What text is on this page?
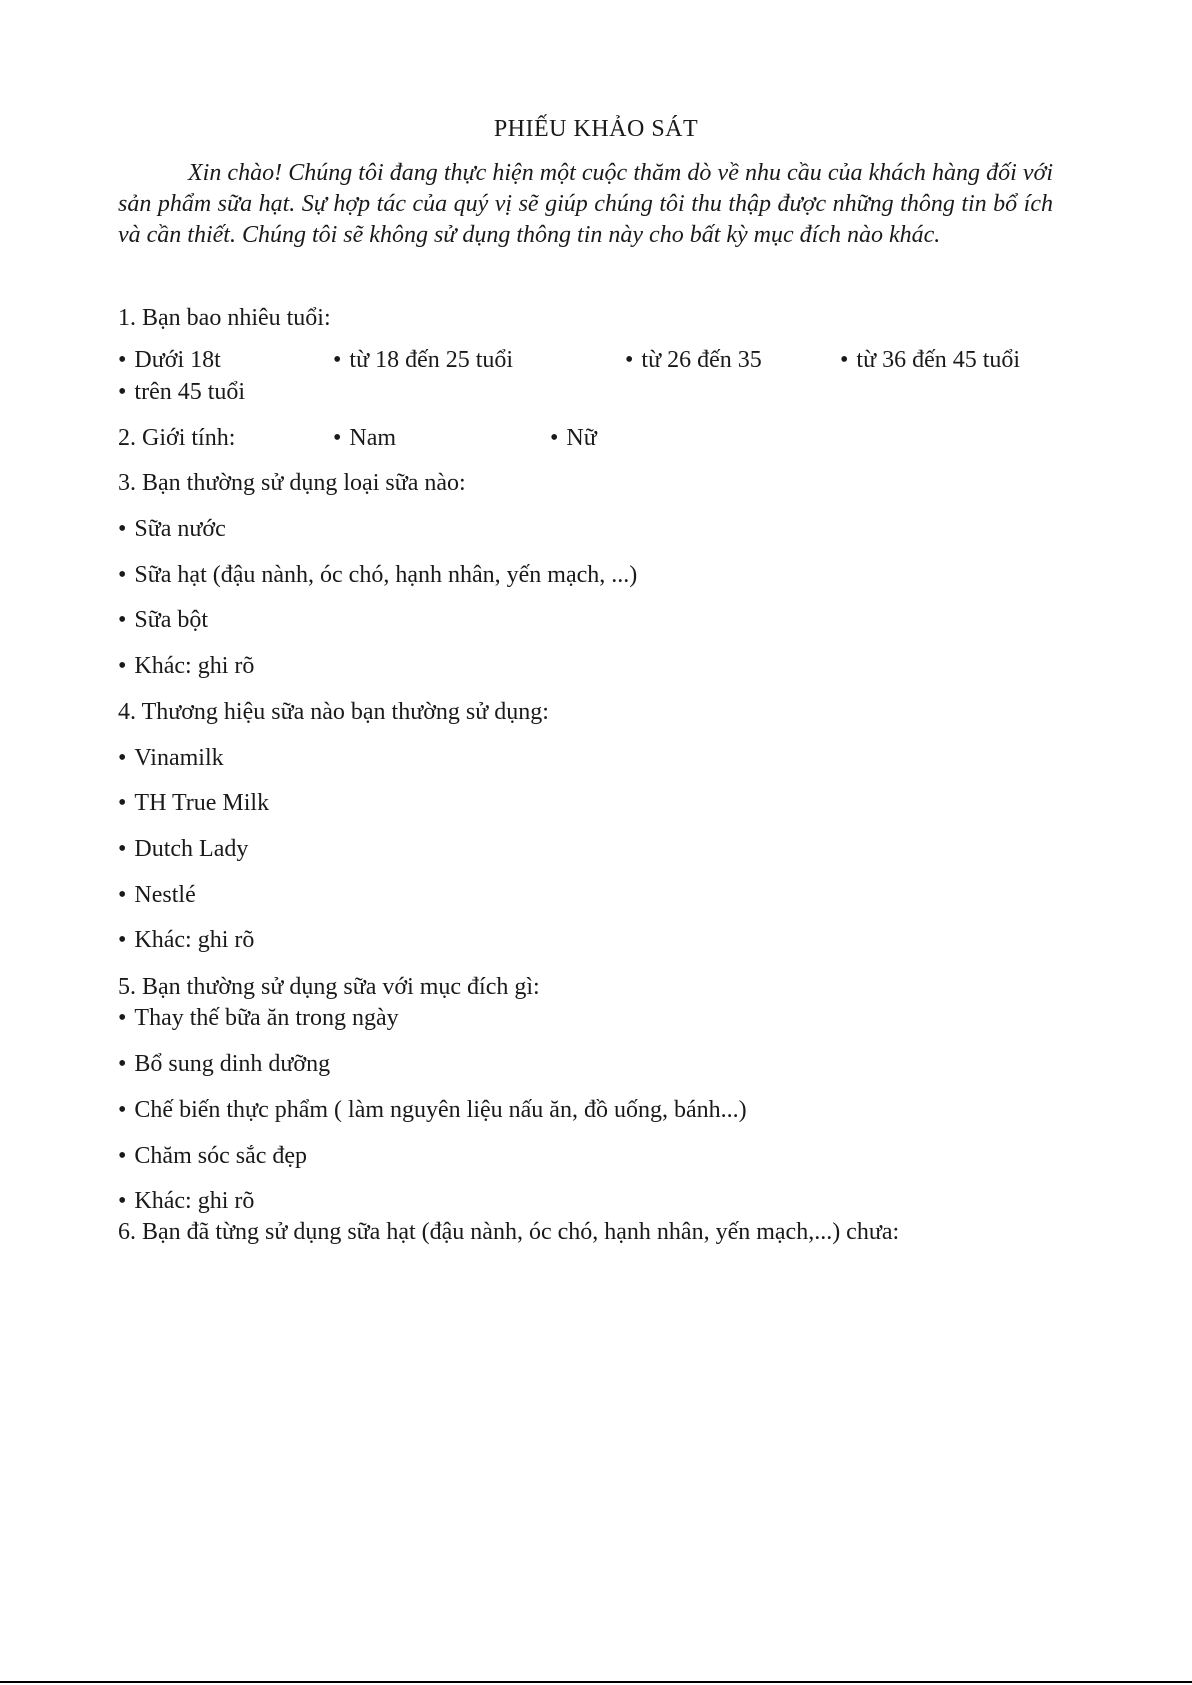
PHIẾU KHẢO SÁT
Xin chào! Chúng tôi đang thực hiện một cuộc thăm dò về nhu cầu của khách hàng đối với sản phẩm sữa hạt. Sự hợp tác của quý vị sẽ giúp chúng tôi thu thập được những thông tin bổ ích và cần thiết. Chúng tôi sẽ không sử dụng thông tin này cho bất kỳ mục đích nào khác.
1. Bạn bao nhiêu tuổi:
• Dưới 18t	• từ 18 đến 25 tuổi	• từ 26 đến 35	• từ 36 đến 45 tuổi
• trên 45 tuổi
2. Giới tính:	• Nam	• Nữ
3. Bạn thường sử dụng loại sữa nào:
• Sữa nước
• Sữa hạt (đậu nành, óc chó, hạnh nhân, yến mạch, ...)
• Sữa bột
• Khác: ghi rõ
4. Thương hiệu sữa nào bạn thường sử dụng:
• Vinamilk
• TH True Milk
• Dutch Lady
• Nestlé
• Khác: ghi rõ
5. Bạn thường sử dụng sữa với mục đích gì:
• Thay thế bữa ăn trong ngày
• Bổ sung dinh dưỡng
• Chế biến thực phẩm ( làm nguyên liệu nấu ăn, đồ uống, bánh...)
• Chăm sóc sắc đẹp
• Khác: ghi rõ
6. Bạn đã từng sử dụng sữa hạt (đậu nành, óc chó, hạnh nhân, yến mạch,...) chưa:
